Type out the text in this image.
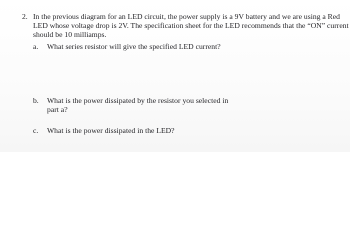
2. In the previous diagram for an LED circuit, the power supply is a 9V battery and we are using a Red
LED whose voltage drop is 2V. The specification sheet for the LED recommends that the “ON” current
should be 10 milliamps.
a. What series resistor will give the specified LED current?
b. What is the power dissipated by the resistor you selected in
part a?
c. What is the power dissipated in the LED?
